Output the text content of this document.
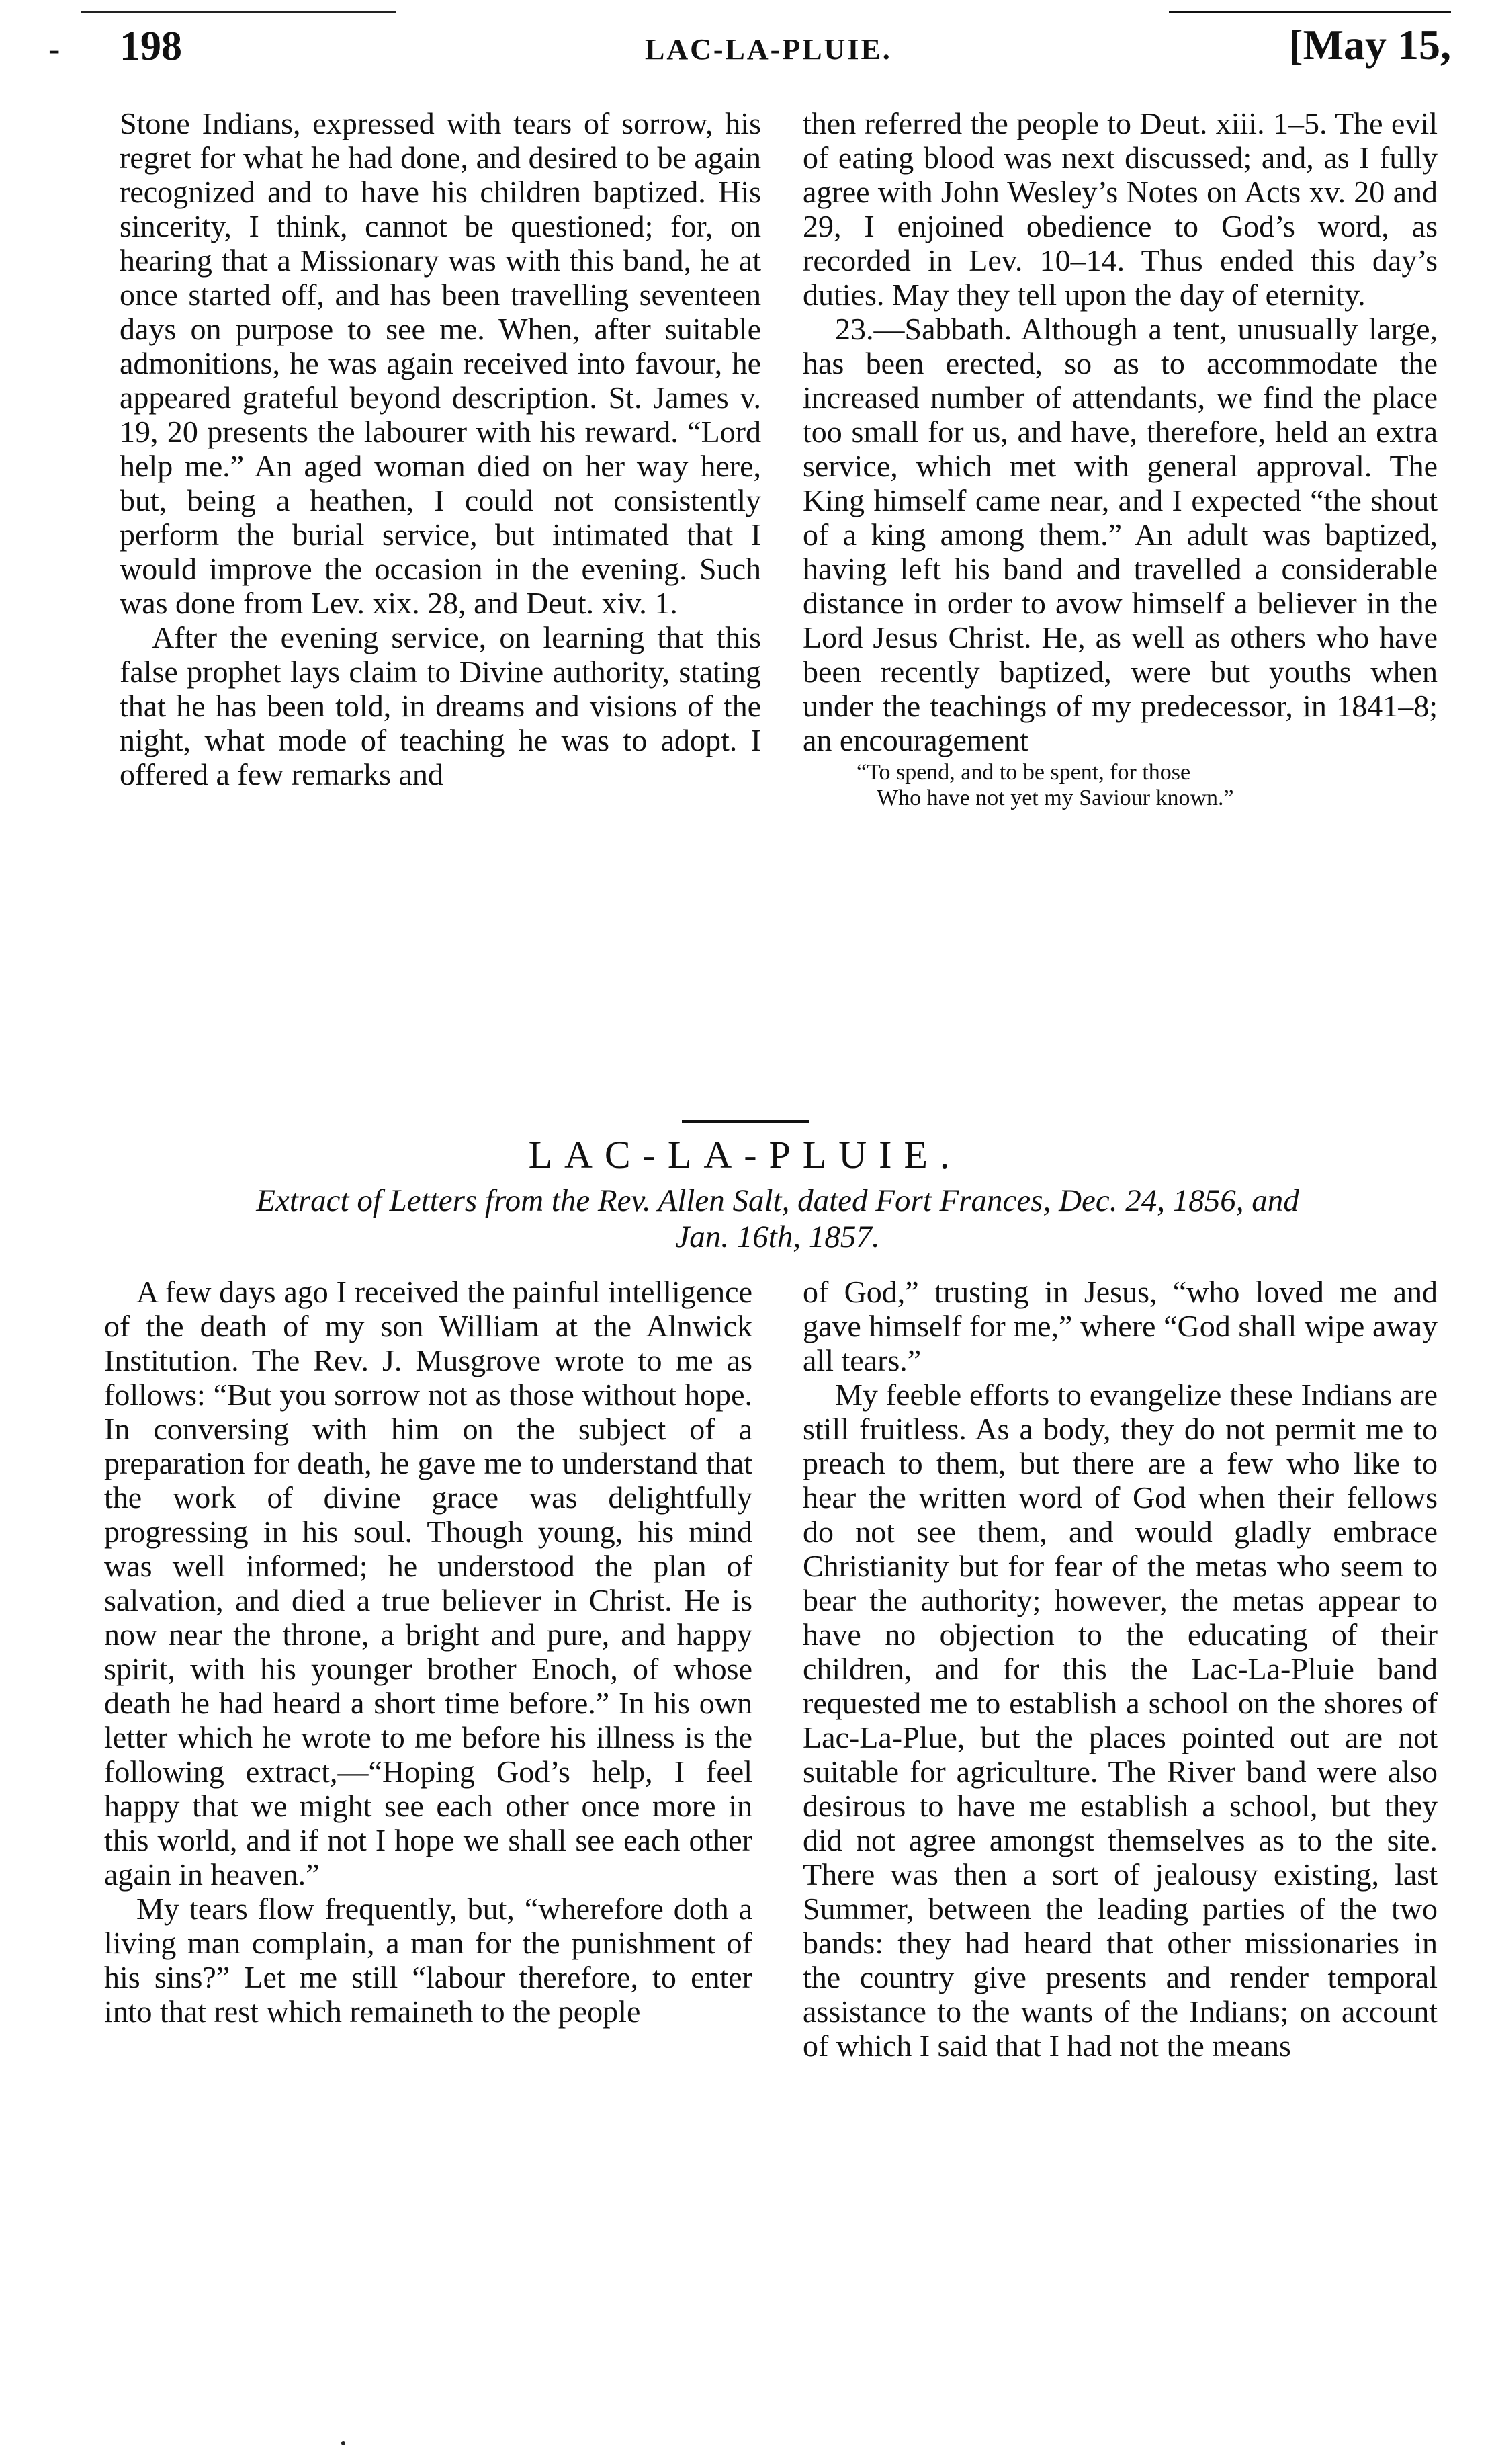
- 198	LAC-LA-PLUIE.	[May 15,

Stone Indians, expressed with tears of sorrow, his regret for what he had done, and desired to be again recognized and to have his children baptized. His sincerity, I think, cannot be questioned; for, on hearing that a Missionary was with this band, he at once started off, and has been travelling seventeen days on purpose to see me. When, after suitable admonitions, he was again received into favour, he appeared grateful beyond description. St. James v. 19, 20 presents the labourer with his reward. “Lord help me.” An aged woman died on her way here, but, being a heathen, I could not consistently perform the burial service, but intimated that I would improve the occasion in the evening. Such was done from Lev. xix. 28, and Deut. xiv. 1.

After the evening service, on learning that this false prophet lays claim to Divine authority, stating that he has been told, in dreams and visions of the night, what mode of teaching he was to adopt. I offered a few remarks and

then referred the people to Deut. xiii. 1–5. The evil of eating blood was next discussed; and, as I fully agree with John Wesley’s Notes on Acts xv. 20 and 29, I enjoined obedience to God’s word, as recorded in Lev. 10–14. Thus ended this day’s duties. May they tell upon the day of eternity.

23.—Sabbath. Although a tent, unusually large, has been erected, so as to accommodate the increased number of attendants, we find the place too small for us, and have, therefore, held an extra service, which met with general approval. The King himself came near, and I expected “the shout of a king among them.” An adult was baptized, having left his band and travelled a considerable distance in order to avow himself a believer in the Lord Jesus Christ. He, as well as others who have been recently baptized, were but youths when under the teachings of my predecessor, in 1841–8; an encouragement

“To spend, and to be spent, for those
Who have not yet my Saviour known.”
LAC-LA-PLUIE.
Extract of Letters from the Rev. Allen Salt, dated Fort Frances, Dec. 24, 1856, and
Jan. 16th, 1857.

A few days ago I received the painful intelligence of the death of my son William at the Alnwick Institution. The Rev. J. Musgrove wrote to me as follows: “But you sorrow not as those without hope. In conversing with him on the subject of a preparation for death, he gave me to understand that the work of divine grace was delightfully progressing in his soul. Though young, his mind was well informed; he understood the plan of salvation, and died a true believer in Christ. He is now near the throne, a bright and pure, and happy spirit, with his younger brother Enoch, of whose death he had heard a short time before.” In his own letter which he wrote to me before his illness is the following extract,—“Hoping God’s help, I feel happy that we might see each other once more in this world, and if not I hope we shall see each other again in heaven.”

My tears flow frequently, but, “wherefore doth a living man complain, a man for the punishment of his sins?” Let me still “labour therefore, to enter into that rest which remaineth to the people

of God,” trusting in Jesus, “who loved me and gave himself for me,” where “God shall wipe away all tears.”

My feeble efforts to evangelize these Indians are still fruitless. As a body, they do not permit me to preach to them, but there are a few who like to hear the written word of God when their fellows do not see them, and would gladly embrace Christianity but for fear of the metas who seem to bear the authority; however, the metas appear to have no objection to the educating of their children, and for this the Lac-La-Pluie band requested me to establish a school on the shores of Lac-La-Plue, but the places pointed out are not suitable for agriculture. The River band were also desirous to have me establish a school, but they did not agree amongst themselves as to the site. There was then a sort of jealousy existing, last Summer, between the leading parties of the two bands: they had heard that other missionaries in the country give presents and render temporal assistance to the wants of the Indians; on account of which I said that I had not the means
